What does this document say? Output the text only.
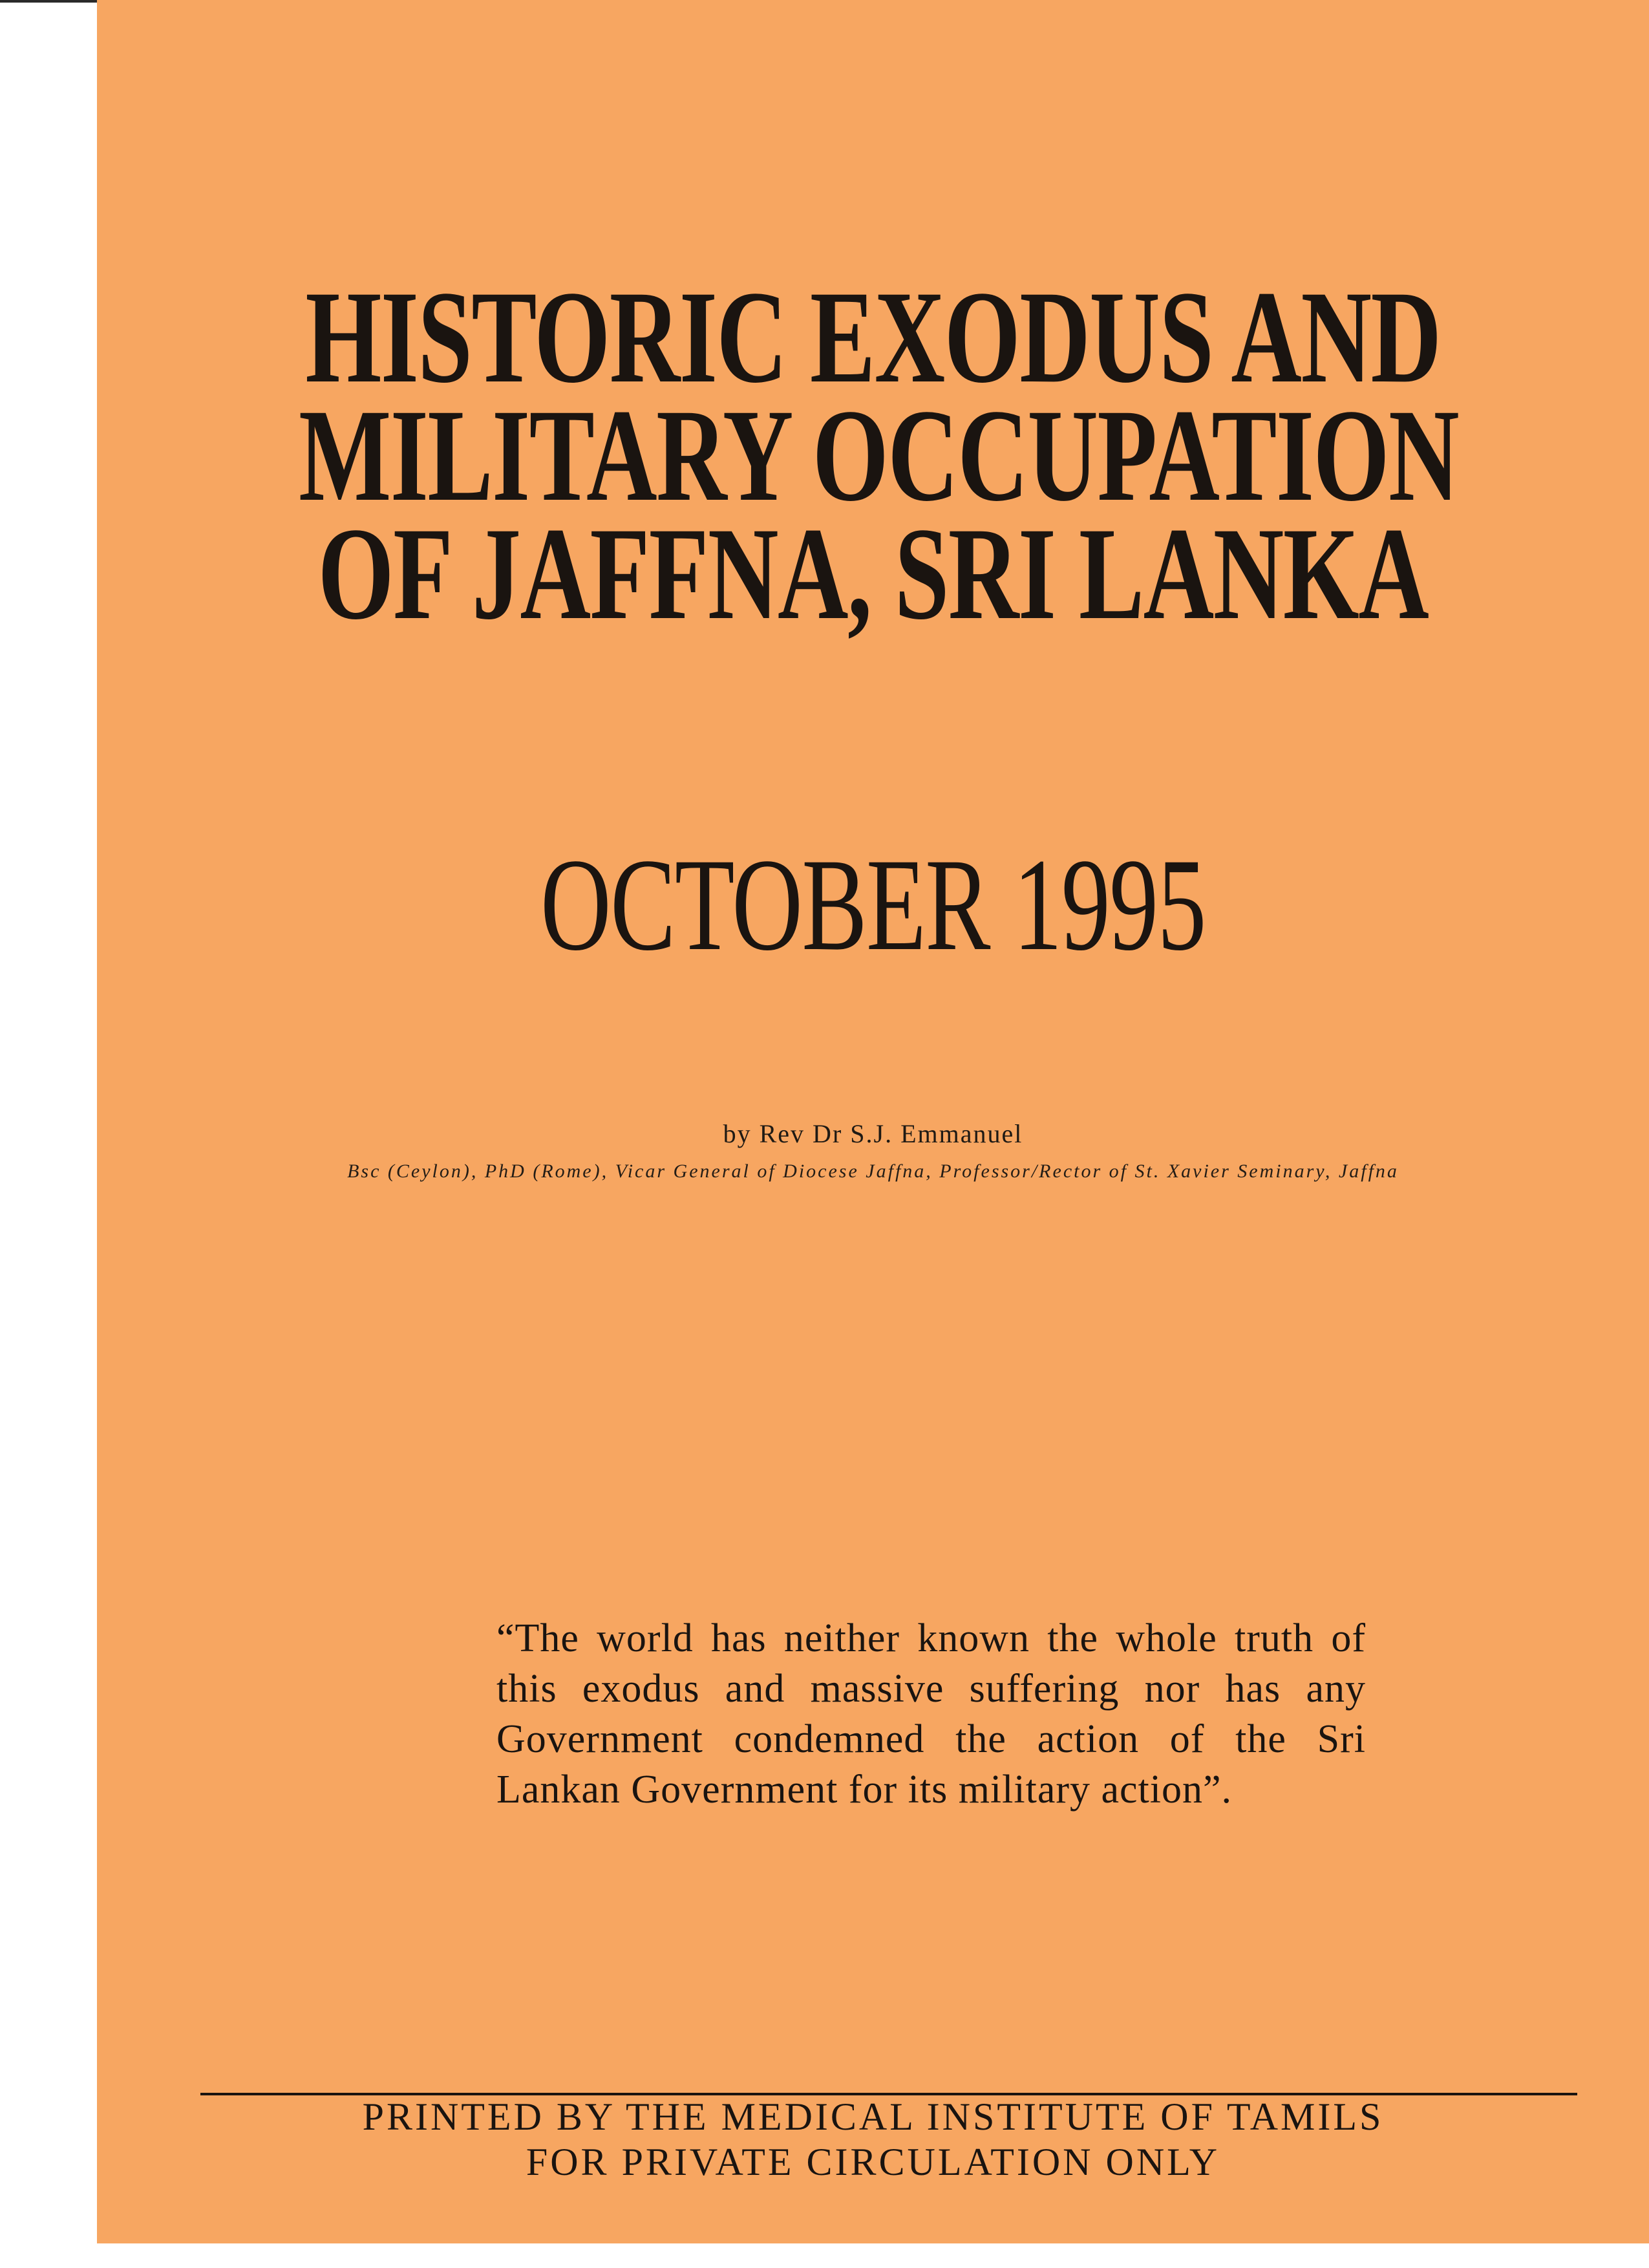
HISTORIC EXODUS AND
MILITARY OCCUPATION
OF JAFFNA, SRI LANKA
OCTOBER 1995
by Rev Dr S.J. Emmanuel
Bsc (Ceylon), PhD (Rome), Vicar General of Diocese Jaffna, Professor/Rector of St. Xavier Seminary, Jaffna

“The world has neither known the whole truth of this exodus and massive suffering nor has any Government condemned the action of the Sri Lankan Government for its military action”.

PRINTED BY THE MEDICAL INSTITUTE OF TAMILS
FOR PRIVATE CIRCULATION ONLY
